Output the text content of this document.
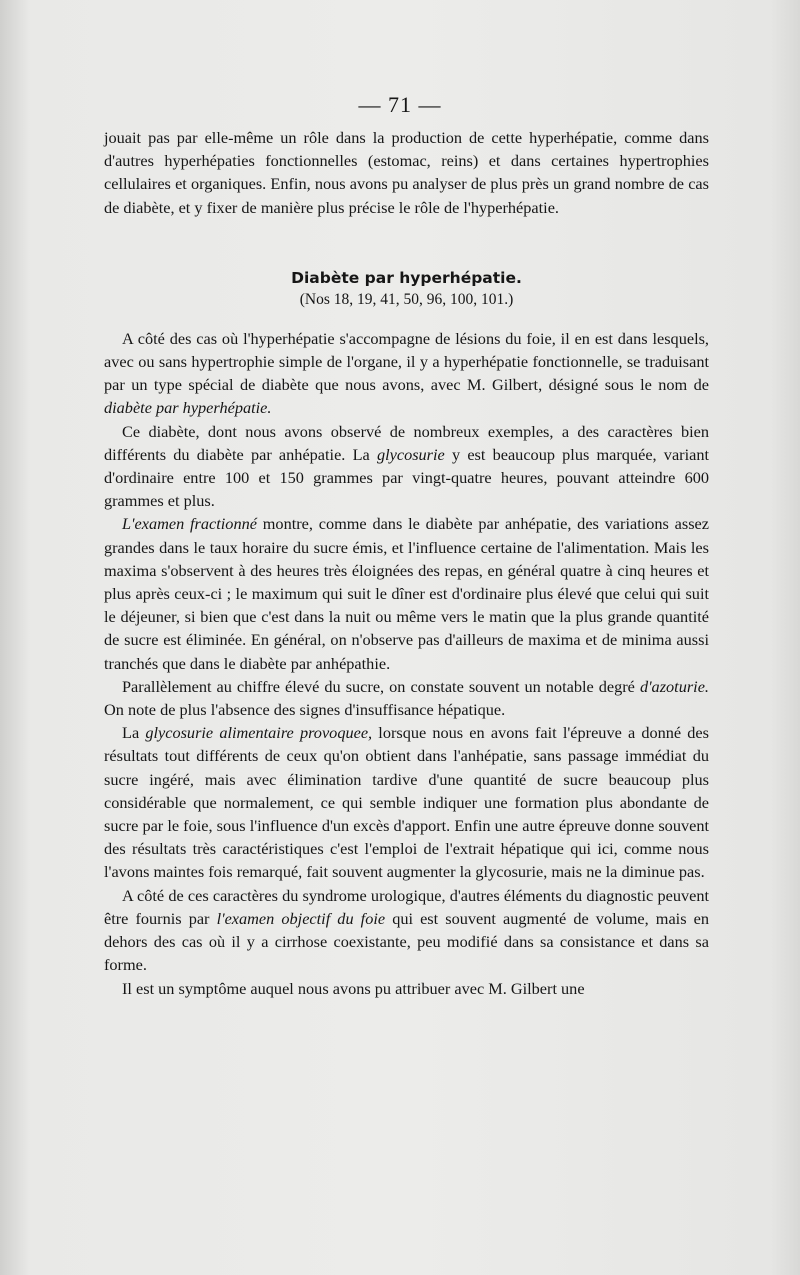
— 71 —

jouait pas par elle-même un rôle dans la production de cette hyperhépatie, comme dans d'autres hyperhépaties fonctionnelles (estomac, reins) et dans certaines hypertrophies cellulaires et organiques. Enfin, nous avons pu analyser de plus près un grand nombre de cas de diabète, et y fixer de manière plus précise le rôle de l'hyperhépatie.

Diabète par hyperhépatie.
(Nos 18, 19, 41, 50, 96, 100, 101.)

A côté des cas où l'hyperhépatie s'accompagne de lésions du foie, il en est dans lesquels, avec ou sans hypertrophie simple de l'organe, il y a hyperhépatie fonctionnelle, se traduisant par un type spécial de diabète que nous avons, avec M. Gilbert, désigné sous le nom de diabète par hyperhépatie.

Ce diabète, dont nous avons observé de nombreux exemples, a des caractères bien différents du diabète par anhépatie. La glycosurie y est beaucoup plus marquée, variant d'ordinaire entre 100 et 150 grammes par vingt-quatre heures, pouvant atteindre 600 grammes et plus.

L'examen fractionné montre, comme dans le diabète par anhépatie, des variations assez grandes dans le taux horaire du sucre émis, et l'influence certaine de l'alimentation. Mais les maxima s'observent à des heures très éloignées des repas, en général quatre à cinq heures et plus après ceux-ci ; le maximum qui suit le dîner est d'ordinaire plus élevé que celui qui suit le déjeuner, si bien que c'est dans la nuit ou même vers le matin que la plus grande quantité de sucre est éliminée. En général, on n'observe pas d'ailleurs de maxima et de minima aussi tranchés que dans le diabète par anhépathie.

Parallèlement au chiffre élevé du sucre, on constate souvent un notable degré d'azoturie. On note de plus l'absence des signes d'insuffisance hépatique.

La glycosurie alimentaire provoquee, lorsque nous en avons fait l'épreuve a donné des résultats tout différents de ceux qu'on obtient dans l'anhépatie, sans passage immédiat du sucre ingéré, mais avec élimination tardive d'une quantité de sucre beaucoup plus considérable que normalement, ce qui semble indiquer une formation plus abondante de sucre par le foie, sous l'influence d'un excès d'apport. Enfin une autre épreuve donne souvent des résultats très caractéristiques c'est l'emploi de l'extrait hépatique qui ici, comme nous l'avons maintes fois remarqué, fait souvent augmenter la glycosurie, mais ne la diminue pas.

A côté de ces caractères du syndrome urologique, d'autres éléments du diagnostic peuvent être fournis par l'examen objectif du foie qui est souvent augmenté de volume, mais en dehors des cas où il y a cirrhose coexistante, peu modifié dans sa consistance et dans sa forme.

Il est un symptôme auquel nous avons pu attribuer avec M. Gilbert une
